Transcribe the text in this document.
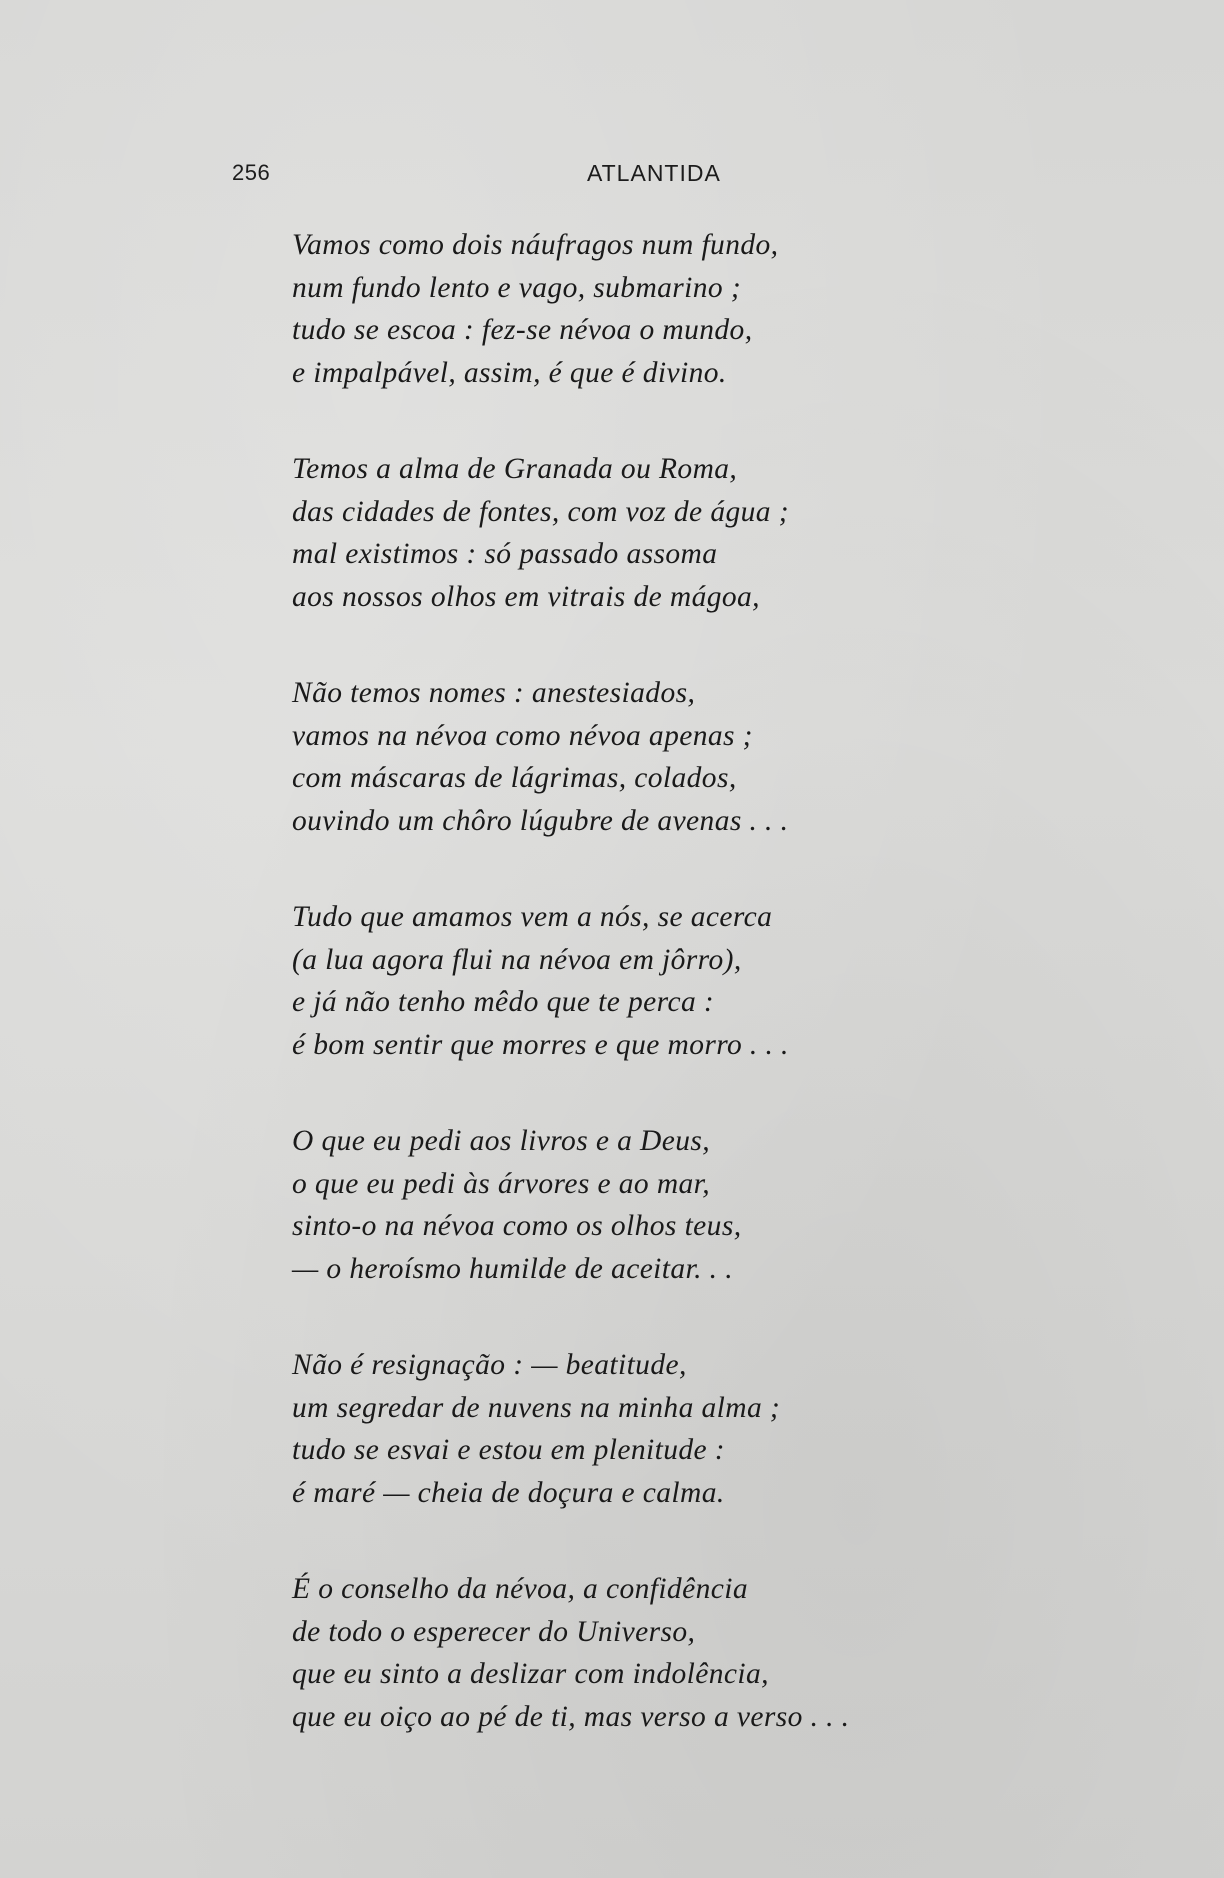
256	ATLANTIDA
Vamos como dois náufragos num fundo,
num fundo lento e vago, submarino ;
tudo se escoa : fez-se névoa o mundo,
e impalpável, assim, é que é divino.
Temos a alma de Granada ou Roma,
das cidades de fontes, com voz de água ;
mal existimos : só passado assoma
aos nossos olhos em vitrais de mágoa,
Não temos nomes : anestesiados,
vamos na névoa como névoa apenas ;
com máscaras de lágrimas, colados,
ouvindo um chôro lúgubre de avenas . . .
Tudo que amamos vem a nós, se acerca
(a lua agora flui na névoa em jôrro),
e já não tenho mêdo que te perca :
é bom sentir que morres e que morro . . .
O que eu pedi aos livros e a Deus,
o que eu pedi às árvores e ao mar,
sinto-o na névoa como os olhos teus,
— o heroísmo humilde de aceitar. . .
Não é resignação : — beatitude,
um segredar de nuvens na minha alma ;
tudo se esvai e estou em plenitude :
é maré — cheia de doçura e calma.
É o conselho da névoa, a confidência
de todo o esperecer do Universo,
que eu sinto a deslizar com indolência,
que eu oiço ao pé de ti, mas verso a verso . . .
